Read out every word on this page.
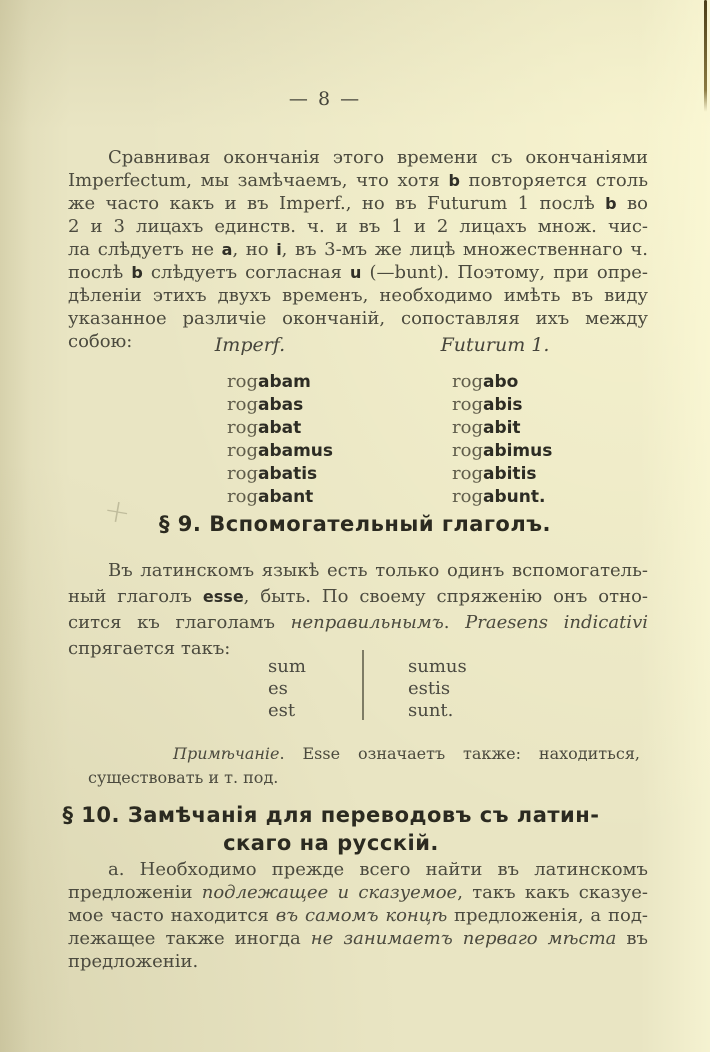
+
— 8 —
Сравнивая окончанія этого времени съ окончаніями
Imperfectum, мы замѣчаемъ, что хотя b повторяется столь
же часто какъ и въ Imperf., но въ Futurum 1 послѣ b во
2 и 3 лицахъ единств. ч. и въ 1 и 2 лицахъ множ. чис-
ла слѣдуетъ не a, но i, въ 3-мъ же лицѣ множественнаго ч.
послѣ b слѣдуетъ согласная u (—bunt). Поэтому, при опре-
дѣленіи этихъ двухъ временъ, необходимо имѣть въ виду
указанное различіе окончаній, сопоставляя ихъ между собою:	Imperf.	Futurum 1.
rogabam
rogabas
rogabat
rogabamus
rogabatis
rogabant
rogabo
rogabis
rogabit
rogabimus
rogabitis
rogabunt.
§ 9. Вспомогательный глаголъ.
Въ латинскомъ языкѣ есть только одинъ вспомогатель-
ный глаголъ esse, быть. По своему спряженію онъ отно-
сится къ глаголамъ неправильнымъ. Praesens indicativi
спрягается такъ:
sum
es
est
sumus
estis
sunt.
Примѣчаніе. Esse означаетъ также: находиться,
существовать и т. под.
§ 10. Замѣчанія для переводовъ съ латин-
скаго на русскій.
а. Необходимо прежде всего найти въ латинскомъ
предложеніи подлежащее и сказуемое, такъ какъ сказуе-
мое часто находится въ самомъ концѣ предложенія, а под-
лежащее также иногда не занимаетъ перваго мѣста въ
предложеніи.
